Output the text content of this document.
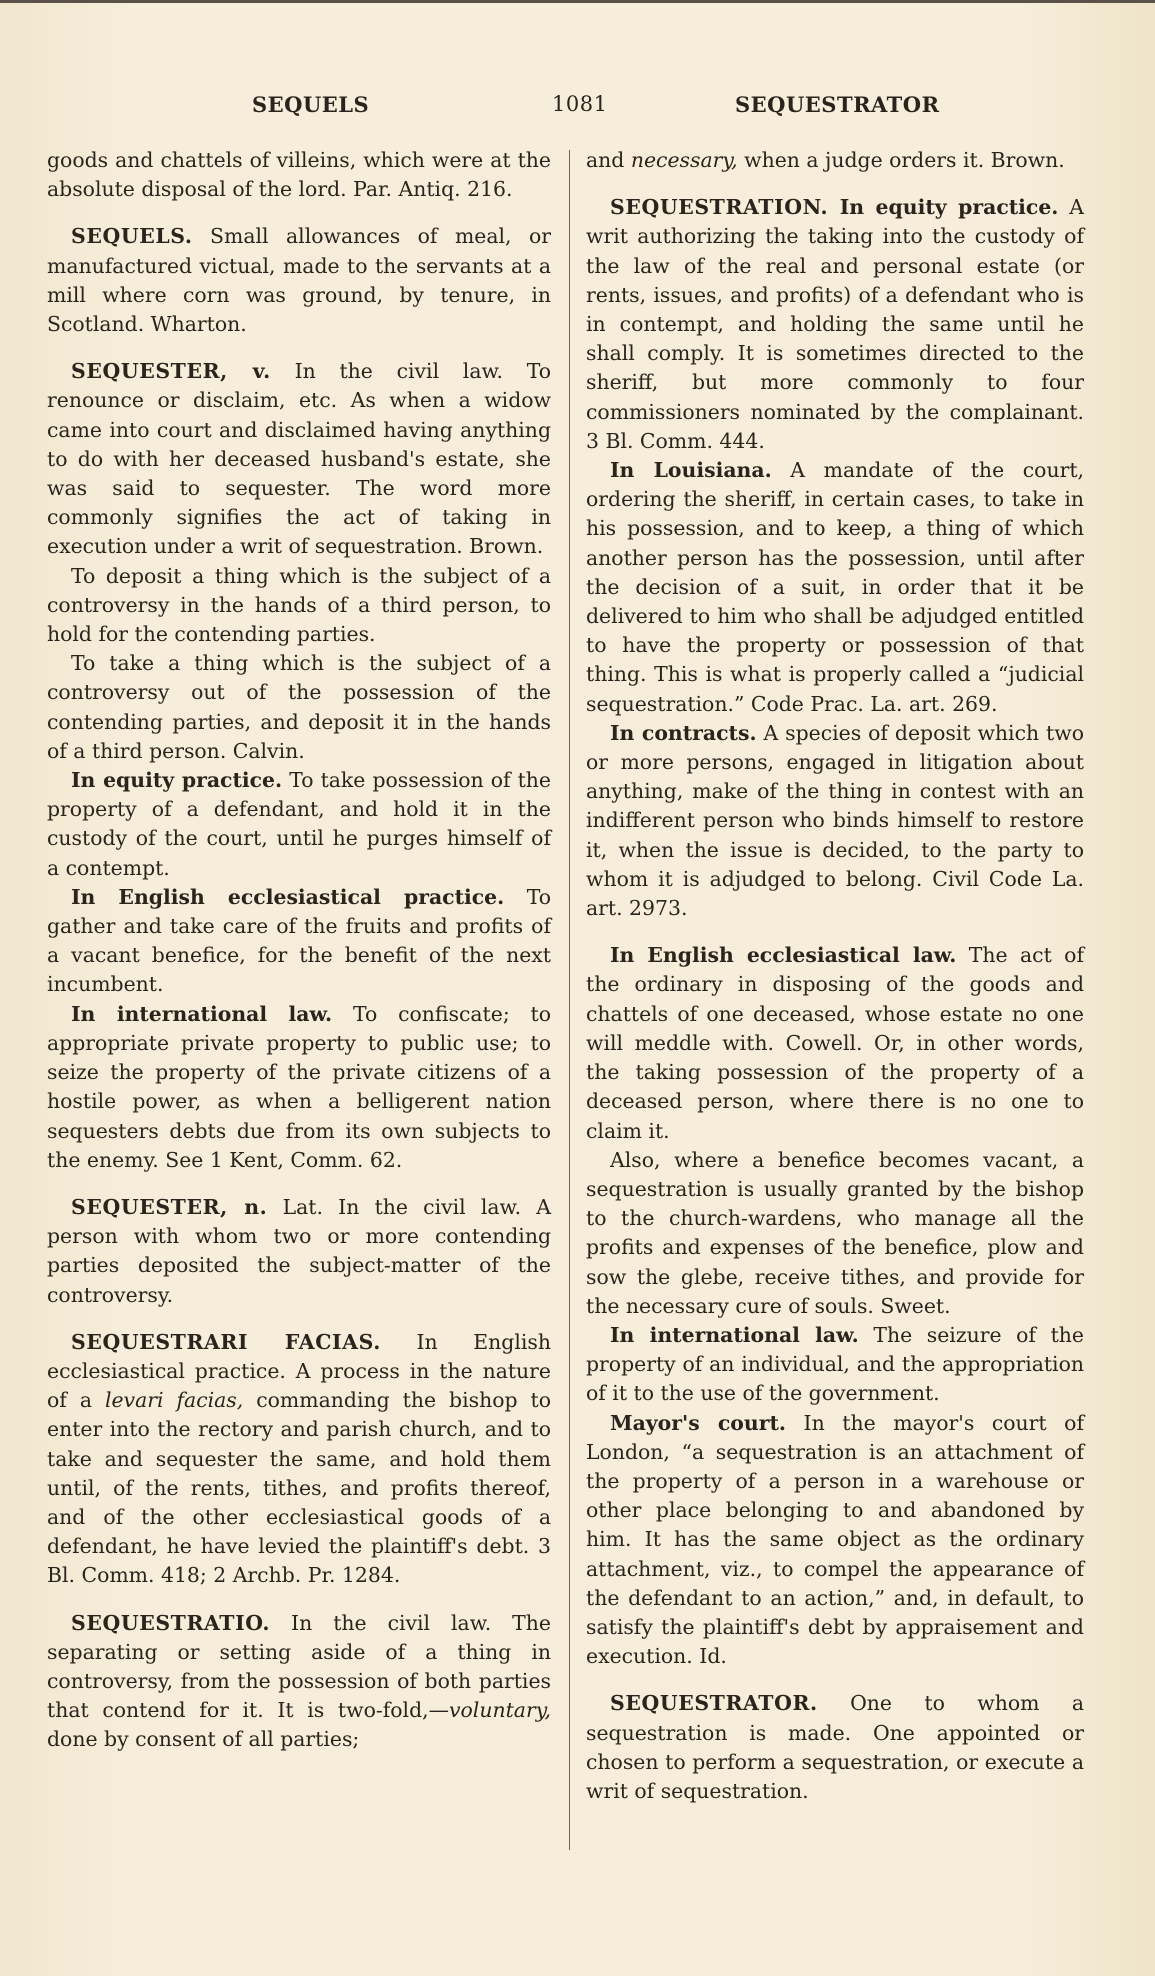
SEQUELS	1081	SEQUESTRATOR

goods and chattels of villeins, which were at the absolute disposal of the lord. Par. Antiq. 216.

SEQUELS. Small allowances of meal, or manufactured victual, made to the servants at a mill where corn was ground, by tenure, in Scotland. Wharton.

SEQUESTER, v. In the civil law. To renounce or disclaim, etc. As when a widow came into court and disclaimed having anything to do with her deceased husband's estate, she was said to sequester. The word more commonly signifies the act of taking in execution under a writ of sequestration. Brown.

To deposit a thing which is the subject of a controversy in the hands of a third person, to hold for the contending parties.

To take a thing which is the subject of a controversy out of the possession of the contending parties, and deposit it in the hands of a third person. Calvin.

In equity practice. To take possession of the property of a defendant, and hold it in the custody of the court, until he purges himself of a contempt.

In English ecclesiastical practice. To gather and take care of the fruits and profits of a vacant benefice, for the benefit of the next incumbent.

In international law. To confiscate; to appropriate private property to public use; to seize the property of the private citizens of a hostile power, as when a belligerent nation sequesters debts due from its own subjects to the enemy. See 1 Kent, Comm. 62.

SEQUESTER, n. Lat. In the civil law. A person with whom two or more contending parties deposited the subject-matter of the controversy.

SEQUESTRARI FACIAS. In English ecclesiastical practice. A process in the nature of a levari facias, commanding the bishop to enter into the rectory and parish church, and to take and sequester the same, and hold them until, of the rents, tithes, and profits thereof, and of the other ecclesiastical goods of a defendant, he have levied the plaintiff's debt. 3 Bl. Comm. 418; 2 Archb. Pr. 1284.

SEQUESTRATIO. In the civil law. The separating or setting aside of a thing in controversy, from the possession of both parties that contend for it. It is two-fold,—voluntary, done by consent of all parties;

and necessary, when a judge orders it. Brown.

SEQUESTRATION. In equity practice. A writ authorizing the taking into the custody of the law of the real and personal estate (or rents, issues, and profits) of a defendant who is in contempt, and holding the same until he shall comply. It is sometimes directed to the sheriff, but more commonly to four commissioners nominated by the complainant. 3 Bl. Comm. 444.

In Louisiana. A mandate of the court, ordering the sheriff, in certain cases, to take in his possession, and to keep, a thing of which another person has the possession, until after the decision of a suit, in order that it be delivered to him who shall be adjudged entitled to have the property or possession of that thing. This is what is properly called a “judicial sequestration.” Code Prac. La. art. 269.

In contracts. A species of deposit which two or more persons, engaged in litigation about anything, make of the thing in contest with an indifferent person who binds himself to restore it, when the issue is decided, to the party to whom it is adjudged to belong. Civil Code La. art. 2973.

In English ecclesiastical law. The act of the ordinary in disposing of the goods and chattels of one deceased, whose estate no one will meddle with. Cowell. Or, in other words, the taking possession of the property of a deceased person, where there is no one to claim it.

Also, where a benefice becomes vacant, a sequestration is usually granted by the bishop to the church-wardens, who manage all the profits and expenses of the benefice, plow and sow the glebe, receive tithes, and provide for the necessary cure of souls. Sweet.

In international law. The seizure of the property of an individual, and the appropriation of it to the use of the government.

Mayor's court. In the mayor's court of London, “a sequestration is an attachment of the property of a person in a warehouse or other place belonging to and abandoned by him. It has the same object as the ordinary attachment, viz., to compel the appearance of the defendant to an action,” and, in default, to satisfy the plaintiff's debt by appraisement and execution. Id.

SEQUESTRATOR. One to whom a sequestration is made. One appointed or chosen to perform a sequestration, or execute a writ of sequestration.
